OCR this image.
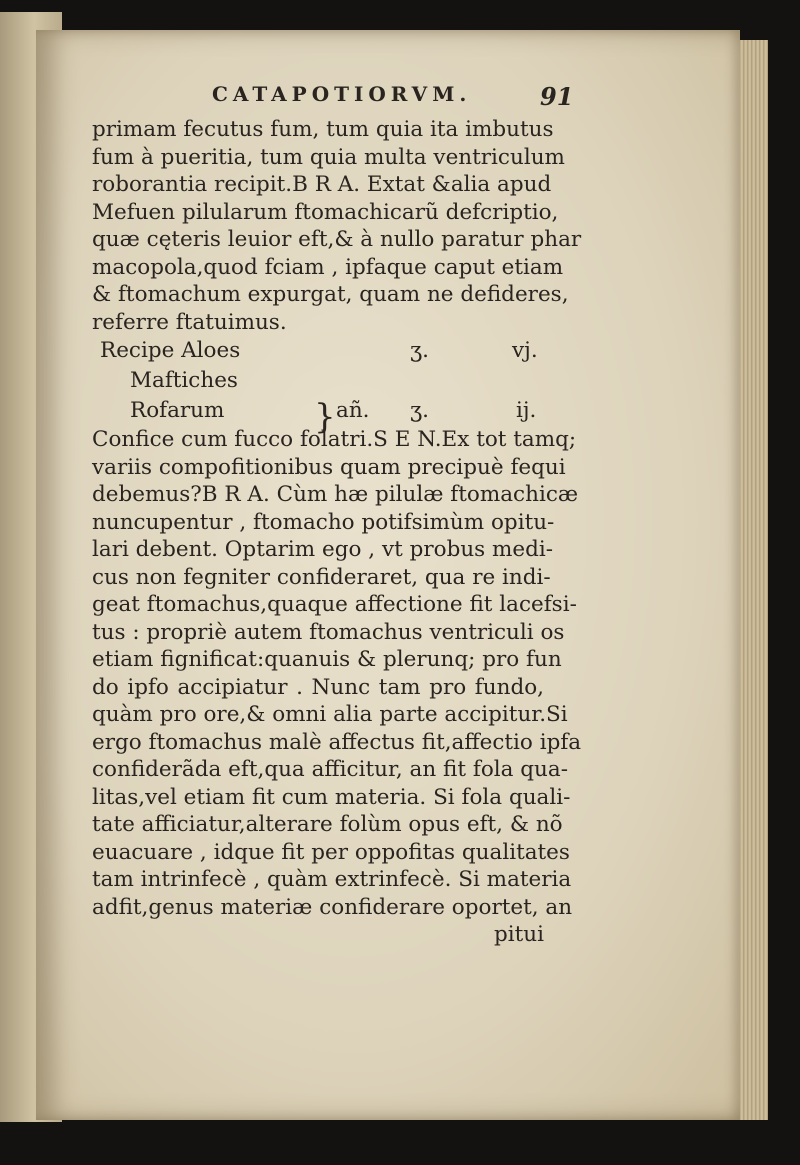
CATAPOTIORVM.	91
primam fecutus fum, tum quia ita imbutus
fum à pueritia, tum quia multa ventriculum
roborantia recipit.B R A. Extat &alia apud
Mefuen pilularum ftomachicarũ defcriptio,
quæ cęteris leuior eft,& à nullo paratur phar
macopola,quod fciam , ipfaque caput etiam
& ftomachum expurgat, quam ne defideres,
referre ftatuimus.
Recipe Aloes	ʒ.	vj.
Maftiches
Rofarum	} añ. ʒ.	ij.
Confice cum fucco folatri.S E N.Ex tot tamq;
variis compofitionibus quam precipuè fequi
debemus?B R A. Cùm hæ pilulæ ftomachicæ
nuncupentur , ftomacho potifsimùm opitu-
lari debent. Optarim ego , vt probus medi-
cus non fegniter confideraret, qua re indi-
geat ftomachus,quaque affectione fit lacefsi-
tus : propriè autem ftomachus ventriculi os
etiam fignificat:quanuis & plerunq; pro fun
do ipfo accipiatur . Nunc tam pro fundo,
quàm pro ore,& omni alia parte accipitur.Si
ergo ftomachus malè affectus fit,affectio ipfa
confiderãda eft,qua afficitur, an fit fola qua-
litas,vel etiam fit cum materia. Si fola quali-
tate afficiatur,alterare folùm opus eft, & nõ
euacuare , idque fit per oppofitas qualitates
tam intrinfecè , quàm extrinfecè. Si materia
adfit,genus materiæ confiderare oportet, an
pitui
